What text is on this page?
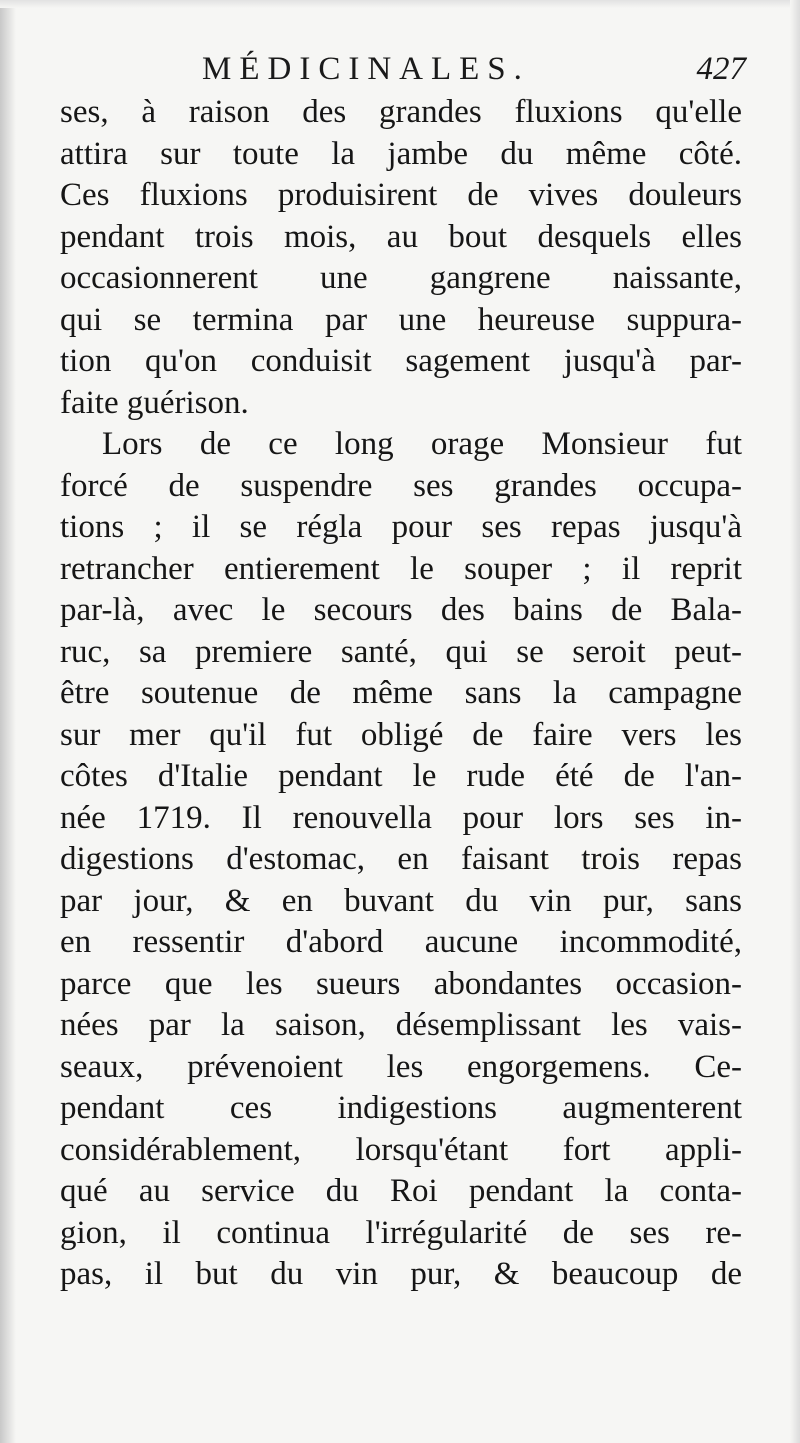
MÉDICINALES.	427
ses, à raison des grandes fluxions qu'elle
attira sur toute la jambe du même côté.
Ces fluxions produisirent de vives douleurs
pendant trois mois, au bout desquels elles
occasionnerent une gangrene naissante,
qui se termina par une heureuse suppura-
tion qu'on conduisit sagement jusqu'à par-
faite guérison.
Lors de ce long orage Monsieur fut
forcé de suspendre ses grandes occupa-
tions ; il se régla pour ses repas jusqu'à
retrancher entierement le souper ; il reprit
par-là, avec le secours des bains de Bala-
ruc, sa premiere santé, qui se seroit peut-
être soutenue de même sans la campagne
sur mer qu'il fut obligé de faire vers les
côtes d'Italie pendant le rude été de l'an-
née 1719. Il renouvella pour lors ses in-
digestions d'estomac, en faisant trois repas
par jour, & en buvant du vin pur, sans
en ressentir d'abord aucune incommodité,
parce que les sueurs abondantes occasion-
nées par la saison, désemplissant les vais-
seaux, prévenoient les engorgemens. Ce-
pendant ces indigestions augmenterent
considérablement, lorsqu'étant fort appli-
qué au service du Roi pendant la conta-
gion, il continua l'irrégularité de ses re-
pas, il but du vin pur, & beaucoup de
